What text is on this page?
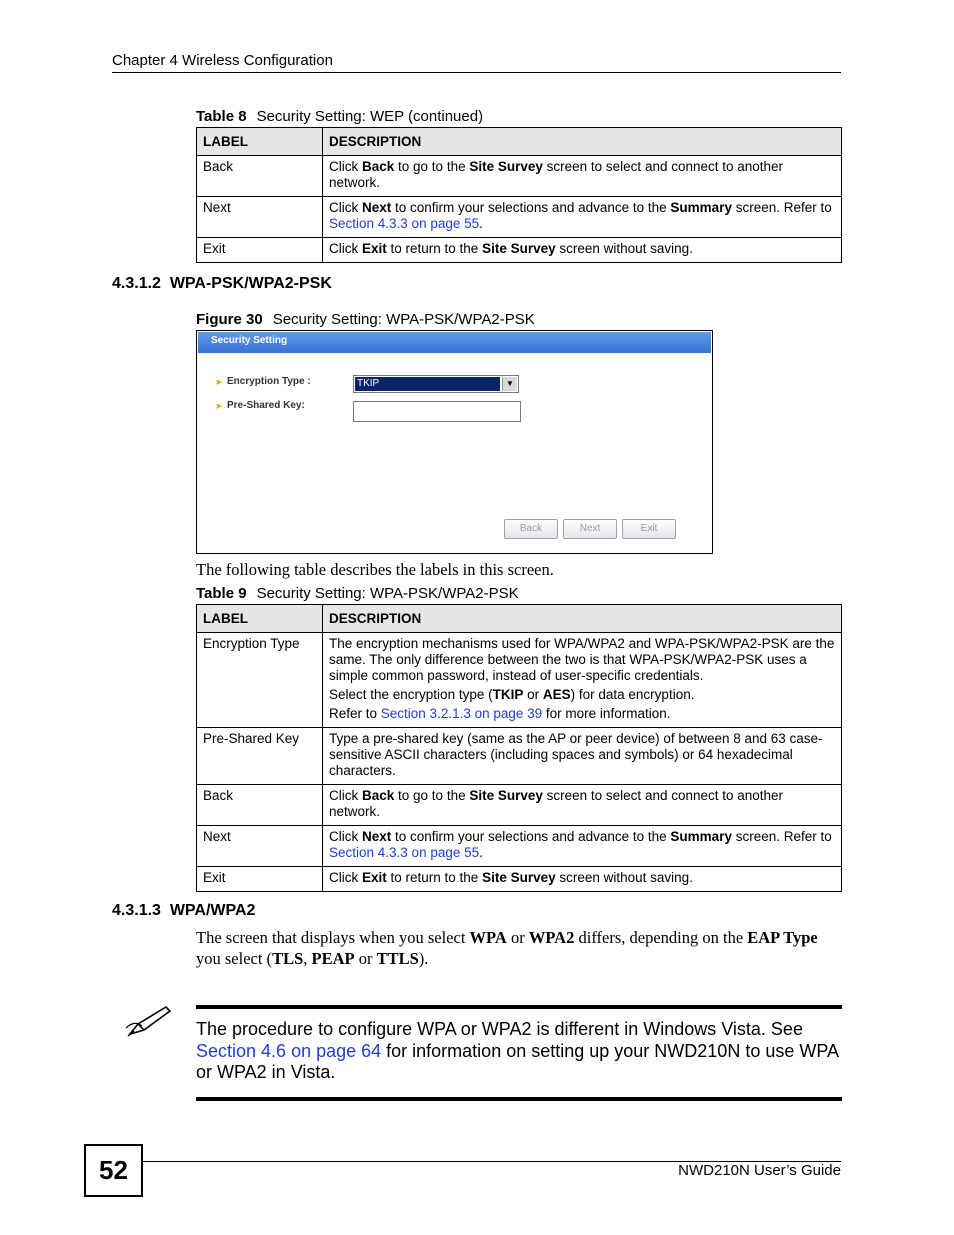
Chapter 4 Wireless Configuration
Table 8 Security Setting: WEP (continued)
LABEL	DESCRIPTION
Back	Click Back to go to the Site Survey screen to select and connect to another network.
Next	Click Next to confirm your selections and advance to the Summary screen. Refer to Section 4.3.3 on page 55.
Exit	Click Exit to return to the Site Survey screen without saving.
4.3.1.2 WPA-PSK/WPA2-PSK
Figure 30 Security Setting: WPA-PSK/WPA2-PSK
Security Setting
➤ Encryption Type :	TKIP	▼
➤ Pre-Shared Key:
Back	Next	Exit
The following table describes the labels in this screen.
Table 9 Security Setting: WPA-PSK/WPA2-PSK
LABEL	DESCRIPTION
Encryption Type	The encryption mechanisms used for WPA/WPA2 and WPA-PSK/WPA2-PSK are the same. The only difference between the two is that WPA-PSK/WPA2-PSK uses a simple common password, instead of user-specific credentials.

Select the encryption type (TKIP or AES) for data encryption.

Refer to Section 3.2.1.3 on page 39 for more information.

Pre-Shared Key	Type a pre-shared key (same as the AP or peer device) of between 8 and 63 case-sensitive ASCII characters (including spaces and symbols) or 64 hexadecimal characters.
Back	Click Back to go to the Site Survey screen to select and connect to another network.
Next	Click Next to confirm your selections and advance to the Summary screen. Refer to Section 4.3.3 on page 55.
Exit	Click Exit to return to the Site Survey screen without saving.
4.3.1.3 WPA/WPA2
The screen that displays when you select WPA or WPA2 differs, depending on the EAP Type you select (TLS, PEAP or TTLS).
The procedure to configure WPA or WPA2 is different in Windows Vista. See Section 4.6 on page 64 for information on setting up your NWD210N to use WPA or WPA2 in Vista.
52	NWD210N User’s Guide
